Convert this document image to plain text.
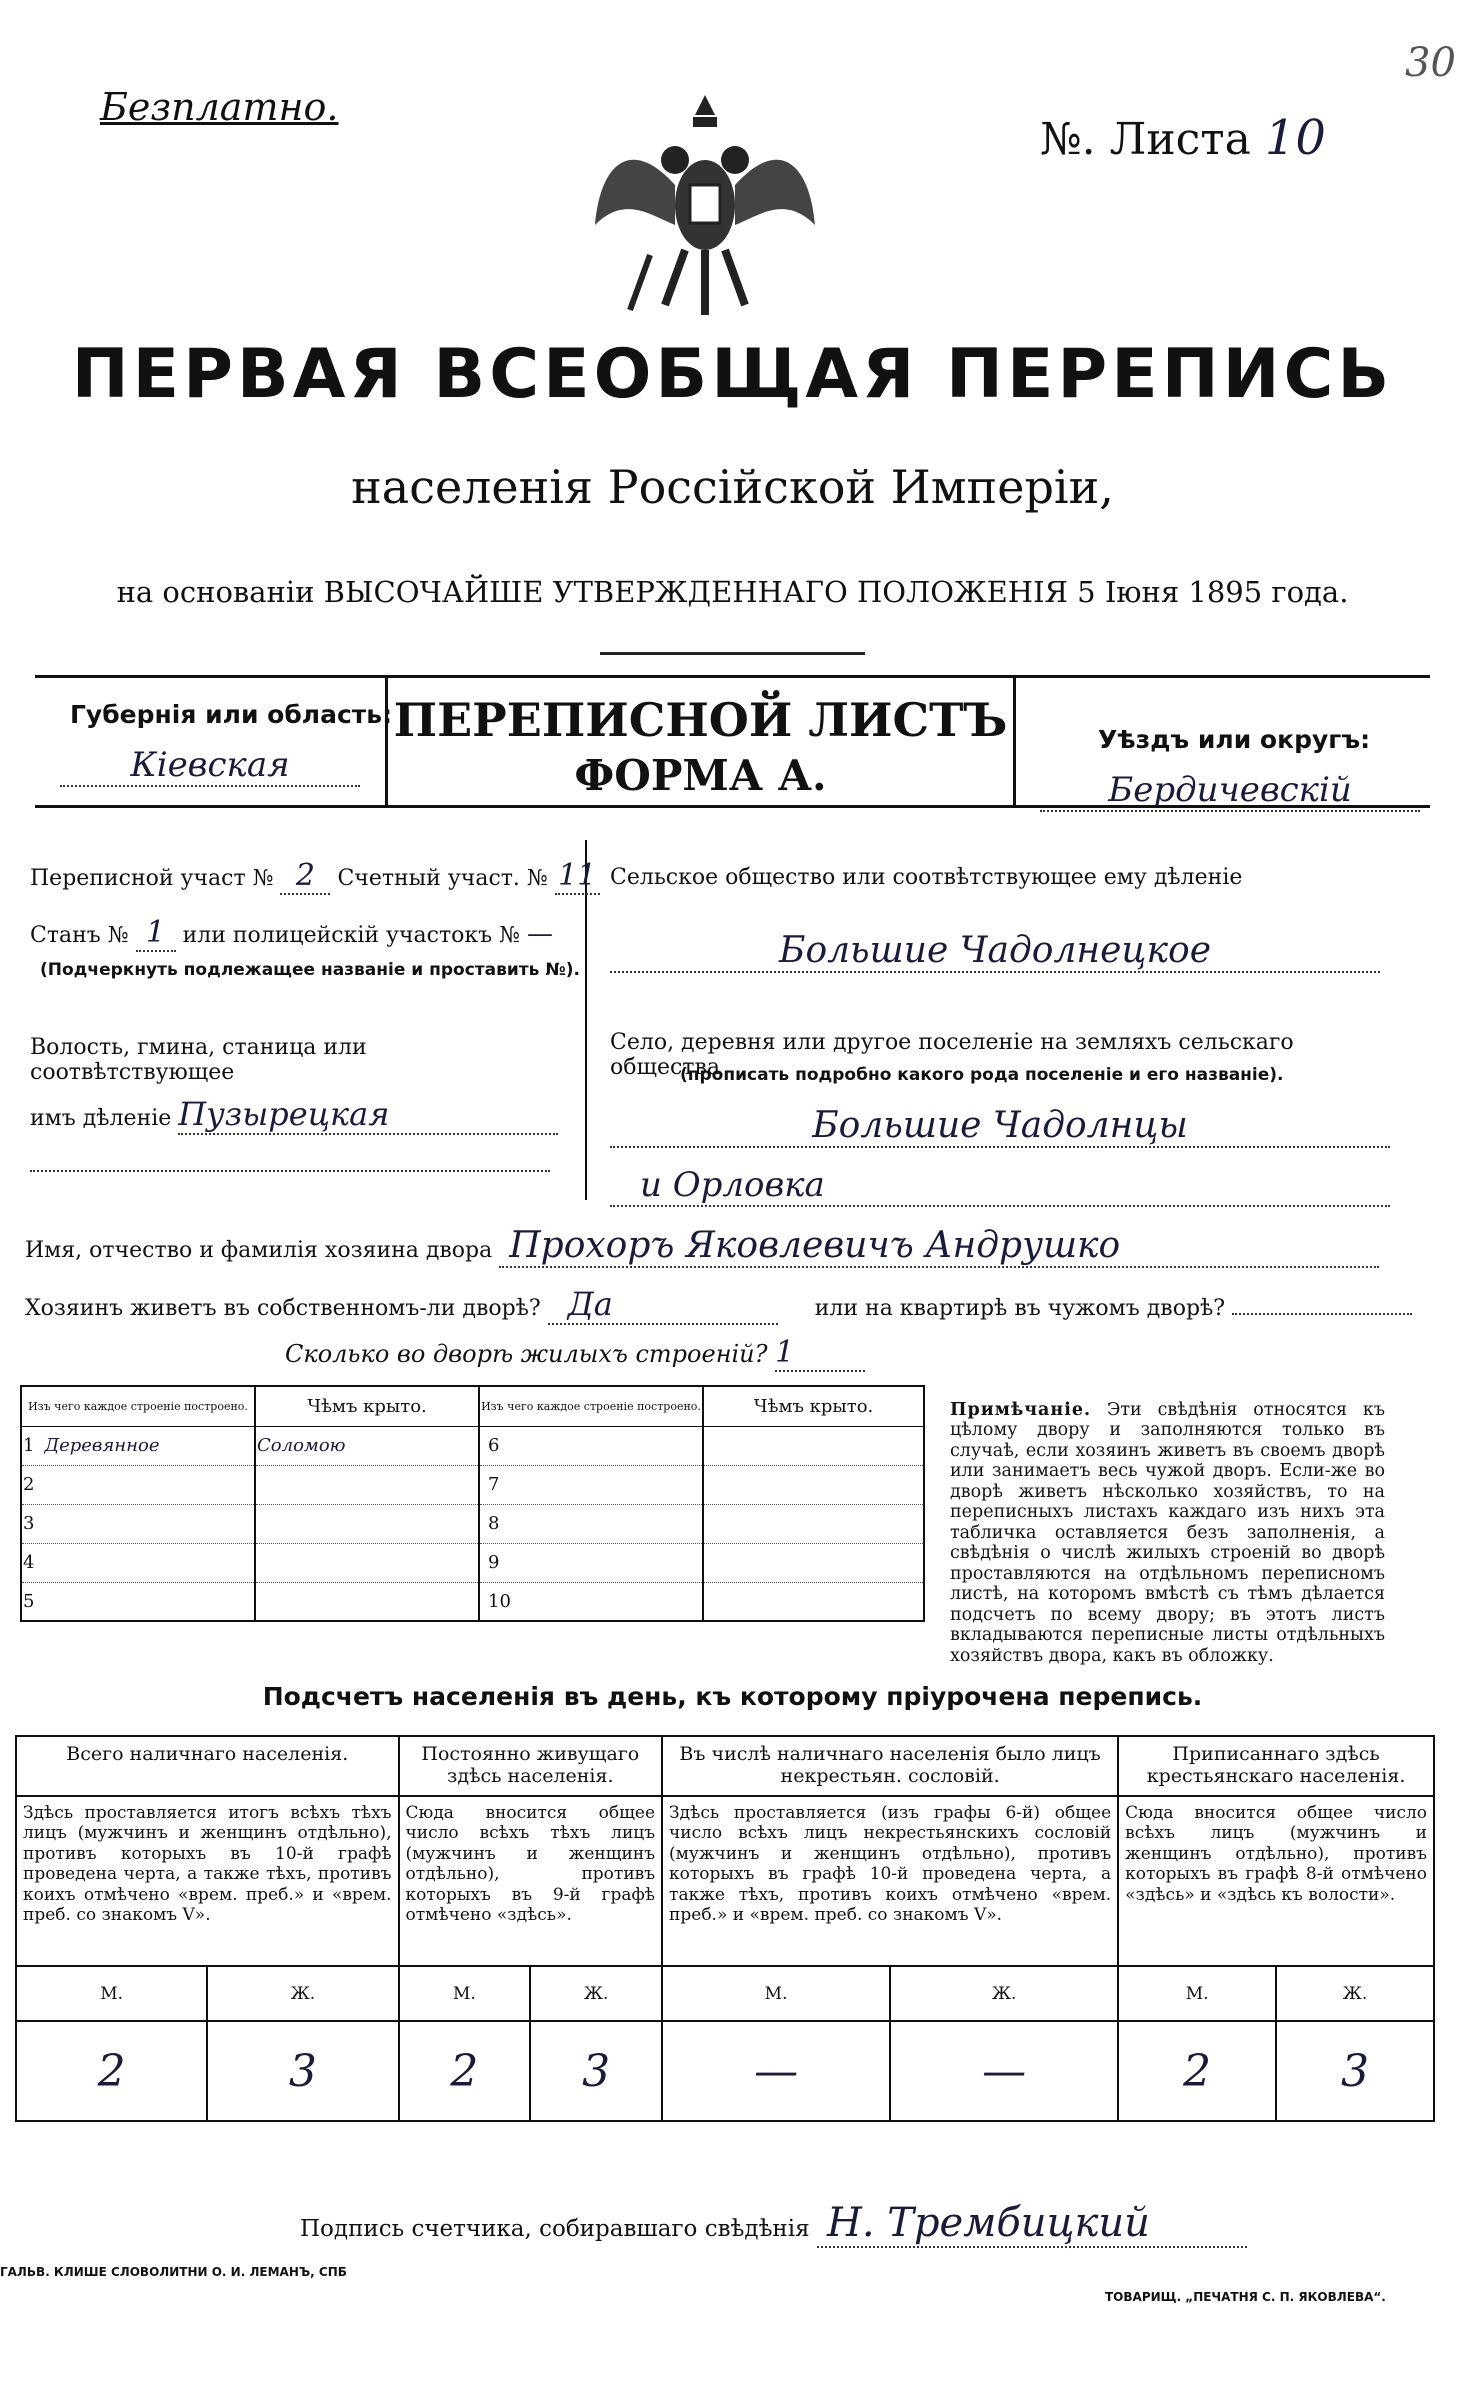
30
Безплатно.
№. Листа 10
ПЕРВАЯ ВСЕОБЩАЯ ПЕРЕПИСЬ
населенія Россійской Имперіи,
на основаніи ВЫСОЧАЙШЕ УТВЕРЖДЕННАГО ПОЛОЖЕНІЯ 5 Іюня 1895 года.
Губернія или область:
Кіевская
ПЕРЕПИСНОЙ ЛИСТЪ
ФОРМА А.
Уѣздъ или округъ:
Бердичевскій
Переписной участ № 2 Счетный участ. № 11
Станъ № 1 или полицейскій участокъ № —
(Подчеркнуть подлежащее названіе и проставить №).
Волость, гмина, станица или соотвѣтствующее
имъ дѣленіе Пузырецкая
Сельское общество или соотвѣтствующее ему дѣленіе
Большие Чадолнецкое
Село, деревня или другое поселеніе на земляхъ сельскаго общества
(прописать подробно какого рода поселеніе и его названіе).
Большие Чадолнцы
и Орловка
Имя, отчество и фамилія хозяина двора Прохоръ Яковлевичъ Андрушко
Хозяинъ живетъ въ собственномъ-ли дворѣ? Да	или на квартирѣ въ чужомъ дворѣ?
Сколько во дворѣ жилыхъ строеній? 1
Изъ чего каждое строеніе построено.	Чѣмъ крыто.	Изъ чего каждое строеніе построено.	Чѣмъ крыто.
1 Деревянное	Соломою	6	
2		7	
3		8	
4		9	
5		10	
Примѣчаніе. Эти свѣдѣнія относятся къ цѣлому двору и заполняются только въ случаѣ, если хозяинъ живетъ въ своемъ дворѣ или занимаетъ весь чужой дворъ. Если-же во дворѣ живетъ нѣсколько хозяйствъ, то на переписныхъ листахъ каждаго изъ нихъ эта табличка оставляется безъ заполненія, а свѣдѣнія о числѣ жилыхъ строеній во дворѣ проставляются на отдѣльномъ переписномъ листѣ, на которомъ вмѣстѣ съ тѣмъ дѣлается подсчетъ по всему двору; въ этотъ листъ вкладываются переписные листы отдѣльныхъ хозяйствъ двора, какъ въ обложку.
Подсчетъ населенія въ день, къ которому пріурочена перепись.
Всего наличнаго населенія.		Постоянно живущаго здѣсь населенія.		Въ числѣ наличнаго населенія было лицъ некрестьян. сословій.		Приписаннаго здѣсь крестьянскаго населенія.	
Здѣсь проставляется итогъ всѣхъ тѣхъ лицъ (мужчинъ и женщинъ отдѣльно), противъ которыхъ въ 10-й графѣ проведена черта, а также тѣхъ, противъ коихъ отмѣчено «врем. преб.» и «врем. преб. со знакомъ V».		Сюда вносится общее число всѣхъ тѣхъ лицъ (мужчинъ и женщинъ отдѣльно), противъ которыхъ въ 9-й графѣ отмѣчено «здѣсь».		Здѣсь проставляется (изъ графы 6-й) общее число всѣхъ лицъ некрестьянскихъ сословій (мужчинъ и женщинъ отдѣльно), противъ которыхъ въ графѣ 10-й проведена черта, а также тѣхъ, противъ коихъ отмѣчено «врем. преб.» и «врем. преб. со знакомъ V».		Сюда вносится общее число всѣхъ лицъ (мужчинъ и женщинъ отдѣльно), противъ которыхъ въ графѣ 8-й отмѣчено «здѣсь» и «здѣсь къ волости».	
М.	Ж.	М.	Ж.	М.	Ж.	М.	Ж.
2	3	2	3	—	—	2	3
Подпись счетчика, собиравшаго свѣдѣнія Н. Трембицкий
ГАЛЬВ. КЛИШЕ СЛОВОЛИТНИ О. И. ЛЕМАНЪ, СПБ
ТОВАРИЩ. „ПЕЧАТНЯ С. П. ЯКОВЛЕВА“.
